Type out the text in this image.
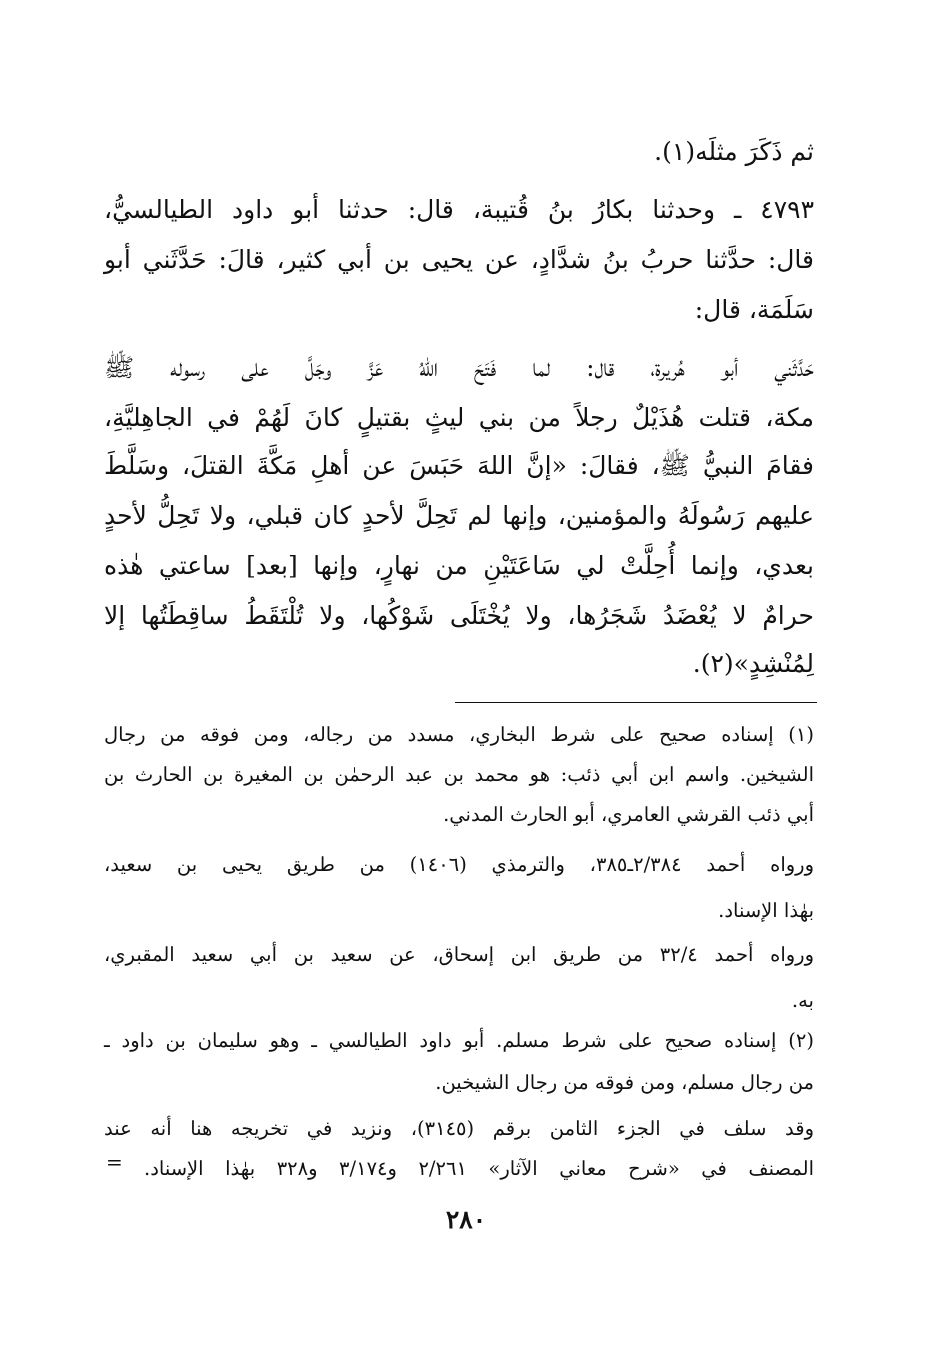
ثم ذَكَرَ مثلَه(١).
٤٧٩٣ ـ وحدثنا بكارُ بنُ قُتيبة، قال: حدثنا أبو داود الطيالسيُّ،
قال: حدَّثنا حربُ بنُ شدَّادٍ، عن يحيى بن أبي كثير، قالَ: حَدَّثَني أبو
سَلَمَة، قال:
حَدَّثَني أبو هُريرة، قال: لما فَتَحَ اللهُ عَزَّ وجَلَّ على رسوله ﷺ
مكة، قتلت هُذَيْلٌ رجلاً من بني ليثٍ بقتيلٍ كانَ لَهُمْ في الجاهِليَّةِ،
فقامَ النبيُّ ﷺ، فقالَ: «إنَّ اللهَ حَبَسَ عن أهلِ مَكَّةَ القتلَ، وسَلَّطَ
عليهم رَسُولَهُ والمؤمنين، وإنها لم تَحِلَّ لأحدٍ كان قبلي، ولا تَحِلُّ لأحدٍ
بعدي، وإنما أُحِلَّتْ لي سَاعَتَيْنِ من نهارٍ، وإنها [بعد] ساعتي هٰذه
حرامٌ لا يُعْضَدُ شَجَرُها، ولا يُخْتَلَى شَوْكُها، ولا تُلْتَقَطُ ساقِطَتُها إلا
لِمُنْشِدٍ»(٢).
(١) إسناده صحيح على شرط البخاري، مسدد من رجاله، ومن فوقه من رجال
الشيخين. واسم ابن أبي ذئب: هو محمد بن عبد الرحمٰن بن المغيرة بن الحارث بن
أبي ذئب القرشي العامري، أبو الحارث المدني.
ورواه أحمد ٢/٣٨٤ـ٣٨٥، والترمذي (١٤٠٦) من طريق يحيى بن سعيد،
بهٰذا الإسناد.
ورواه أحمد ٣٢/٤ من طريق ابن إسحاق، عن سعيد بن أبي سعيد المقبري،
به.
(٢) إسناده صحيح على شرط مسلم. أبو داود الطيالسي ـ وهو سليمان بن داود ـ
من رجال مسلم، ومن فوقه من رجال الشيخين.
وقد سلف في الجزء الثامن برقم (٣١٤٥)، ونزيد في تخريجه هنا أنه عند
المصنف في «شرح معاني الآثار» ٢/٢٦١ و٣/١٧٤ و٣٢٨ بهٰذا الإسناد.
=
٢٨٠
